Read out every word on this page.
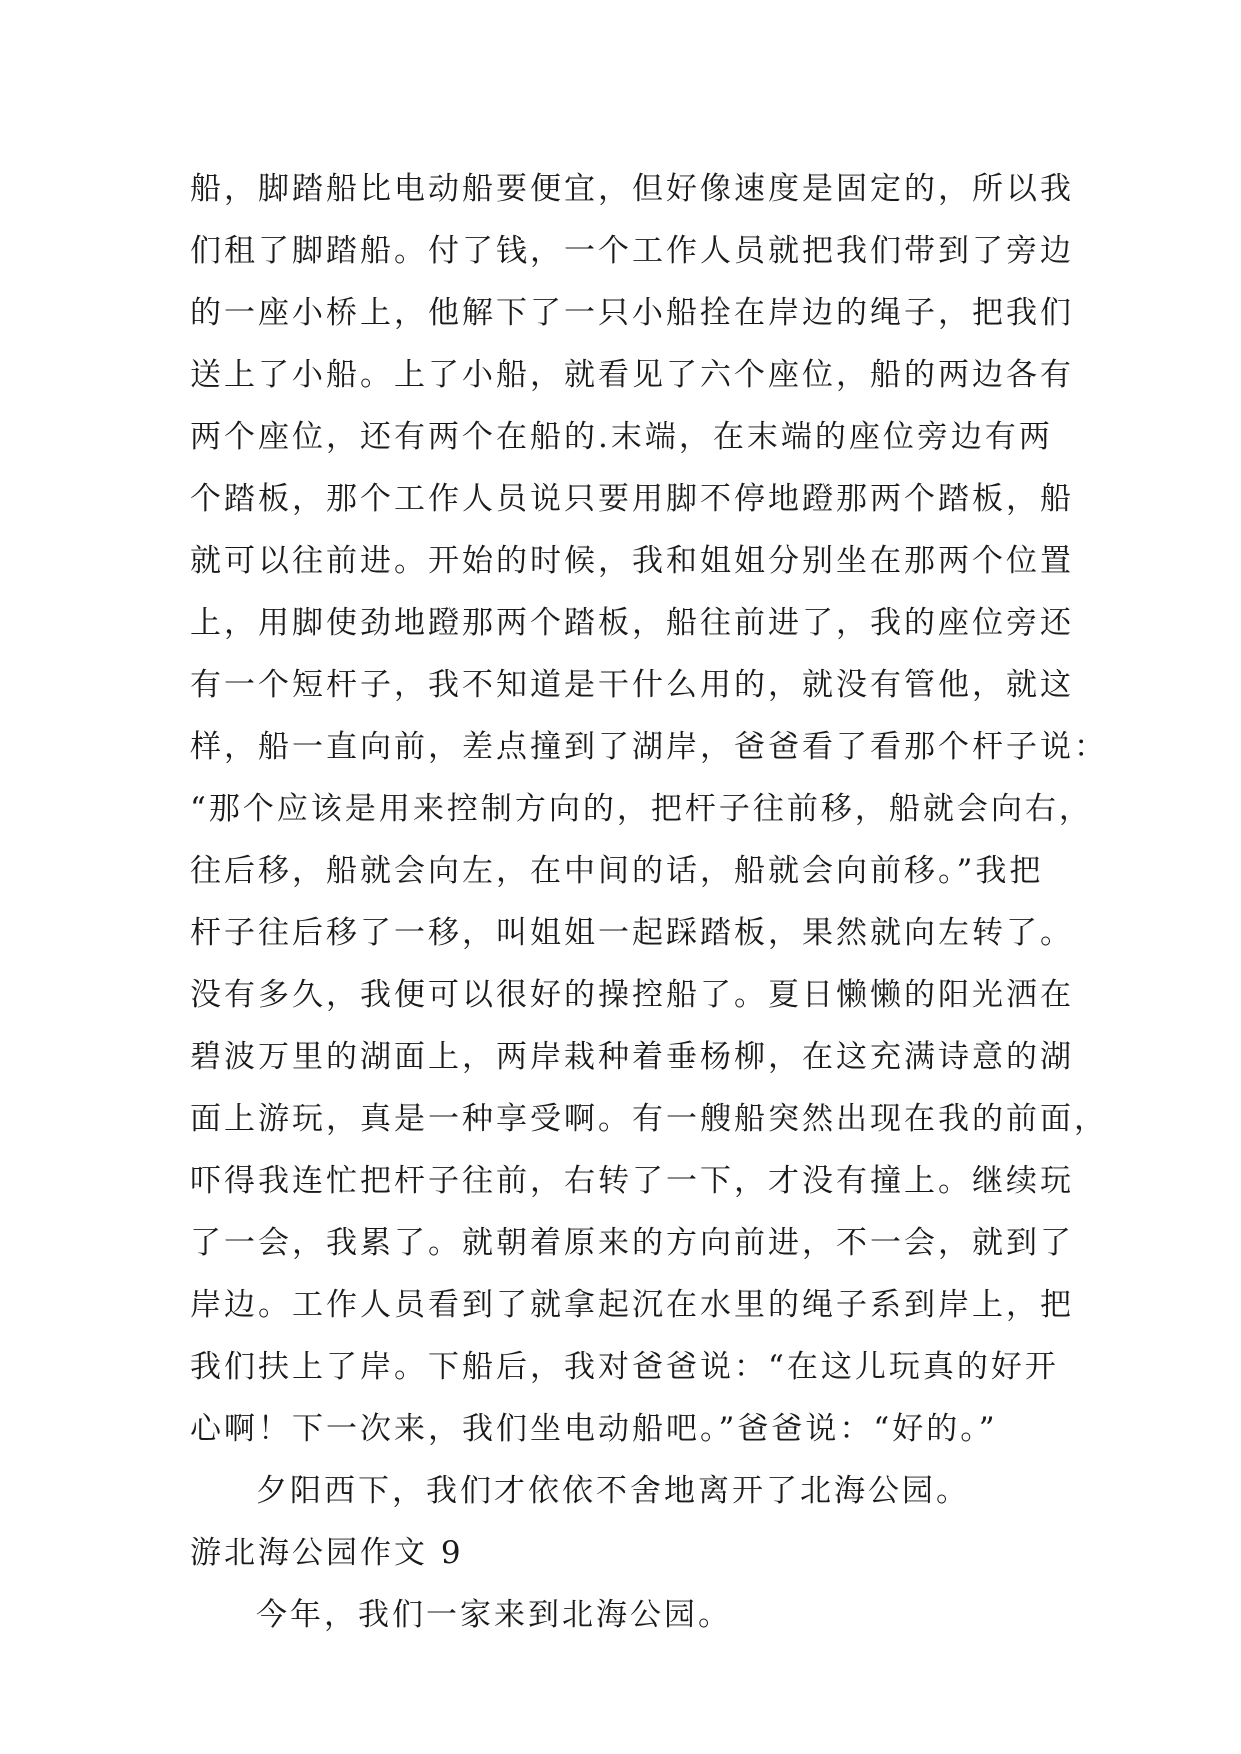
船，脚踏船比电动船要便宜，但好像速度是固定的，所以我
们租了脚踏船。付了钱，一个工作人员就把我们带到了旁边
的一座小桥上，他解下了一只小船拴在岸边的绳子，把我们
送上了小船。上了小船，就看见了六个座位，船的两边各有
两个座位，还有两个在船的.末端，在末端的座位旁边有两
个踏板，那个工作人员说只要用脚不停地蹬那两个踏板，船
就可以往前进。开始的时候，我和姐姐分别坐在那两个位置
上，用脚使劲地蹬那两个踏板，船往前进了，我的座位旁还
有一个短杆子，我不知道是干什么用的，就没有管他，就这
样，船一直向前，差点撞到了湖岸，爸爸看了看那个杆子说：
“那个应该是用来控制方向的，把杆子往前移，船就会向右，
往后移，船就会向左，在中间的话，船就会向前移。”我把
杆子往后移了一移，叫姐姐一起踩踏板，果然就向左转了。
没有多久，我便可以很好的操控船了。夏日懒懒的阳光洒在
碧波万里的湖面上，两岸栽种着垂杨柳，在这充满诗意的湖
面上游玩，真是一种享受啊。有一艘船突然出现在我的前面，
吓得我连忙把杆子往前，右转了一下，才没有撞上。继续玩
了一会，我累了。就朝着原来的方向前进，不一会，就到了
岸边。工作人员看到了就拿起沉在水里的绳子系到岸上，把
我们扶上了岸。下船后，我对爸爸说：“在这儿玩真的好开
心啊！下一次来，我们坐电动船吧。”爸爸说：“好的。”
夕阳西下，我们才依依不舍地离开了北海公园。
游北海公园作文 9
今年，我们一家来到北海公园。
